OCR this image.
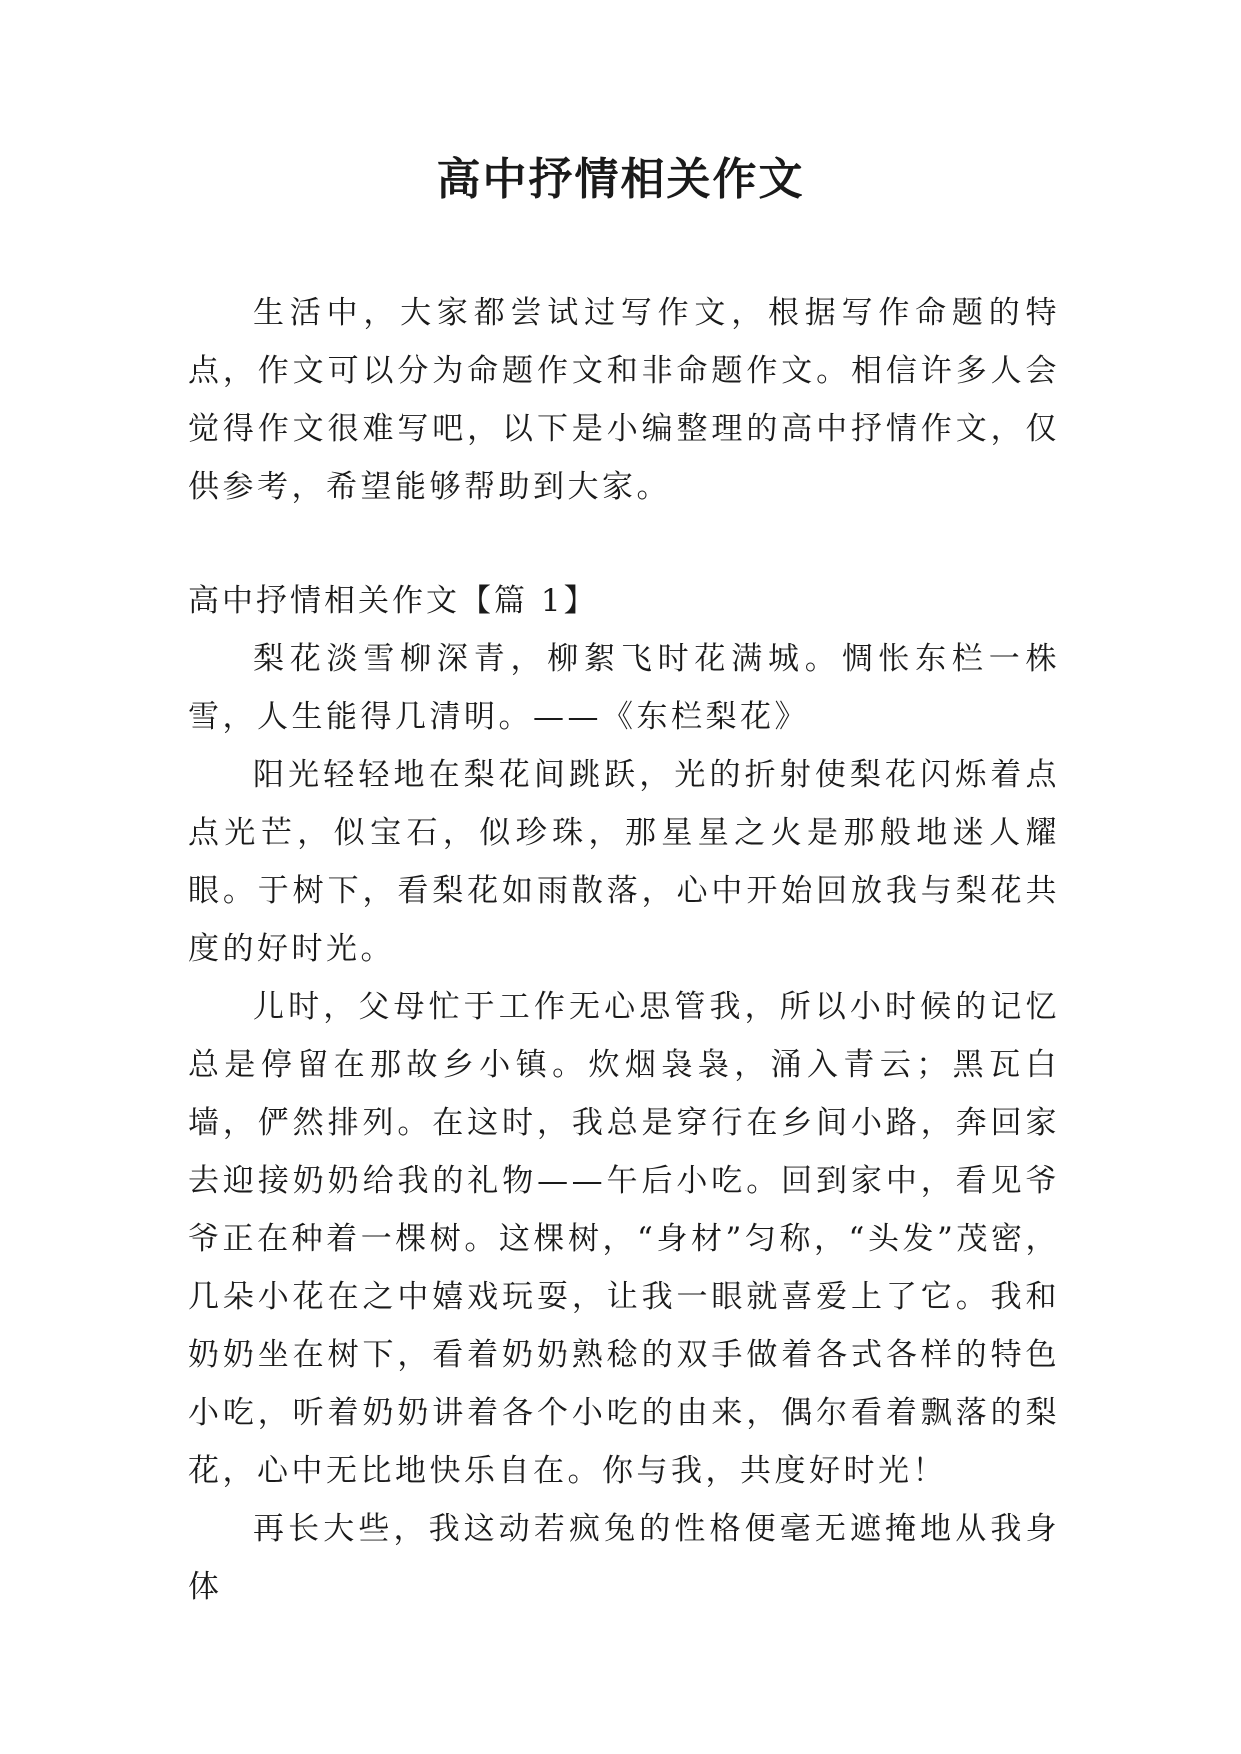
高中抒情相关作文

生活中，大家都尝试过写作文，根据写作命题的特点，作文可以分为命题作文和非命题作文。相信许多人会觉得作文很难写吧，以下是小编整理的高中抒情作文，仅供参考，希望能够帮助到大家。

高中抒情相关作文【篇 1】

梨花淡雪柳深青，柳絮飞时花满城。惆怅东栏一株雪，人生能得几清明。——《东栏梨花》

阳光轻轻地在梨花间跳跃，光的折射使梨花闪烁着点点光芒，似宝石，似珍珠，那星星之火是那般地迷人耀眼。于树下，看梨花如雨散落，心中开始回放我与梨花共度的好时光。

儿时，父母忙于工作无心思管我，所以小时候的记忆总是停留在那故乡小镇。炊烟袅袅，涌入青云；黑瓦白墙，俨然排列。在这时，我总是穿行在乡间小路，奔回家去迎接奶奶给我的礼物——午后小吃。回到家中，看见爷爷正在种着一棵树。这棵树，“身材”匀称，“头发”茂密，几朵小花在之中嬉戏玩耍，让我一眼就喜爱上了它。我和奶奶坐在树下，看着奶奶熟稔的双手做着各式各样的特色小吃，听着奶奶讲着各个小吃的由来，偶尔看着飘落的梨花，心中无比地快乐自在。你与我，共度好时光！

再长大些，我这动若疯兔的性格便毫无遮掩地从我身体
